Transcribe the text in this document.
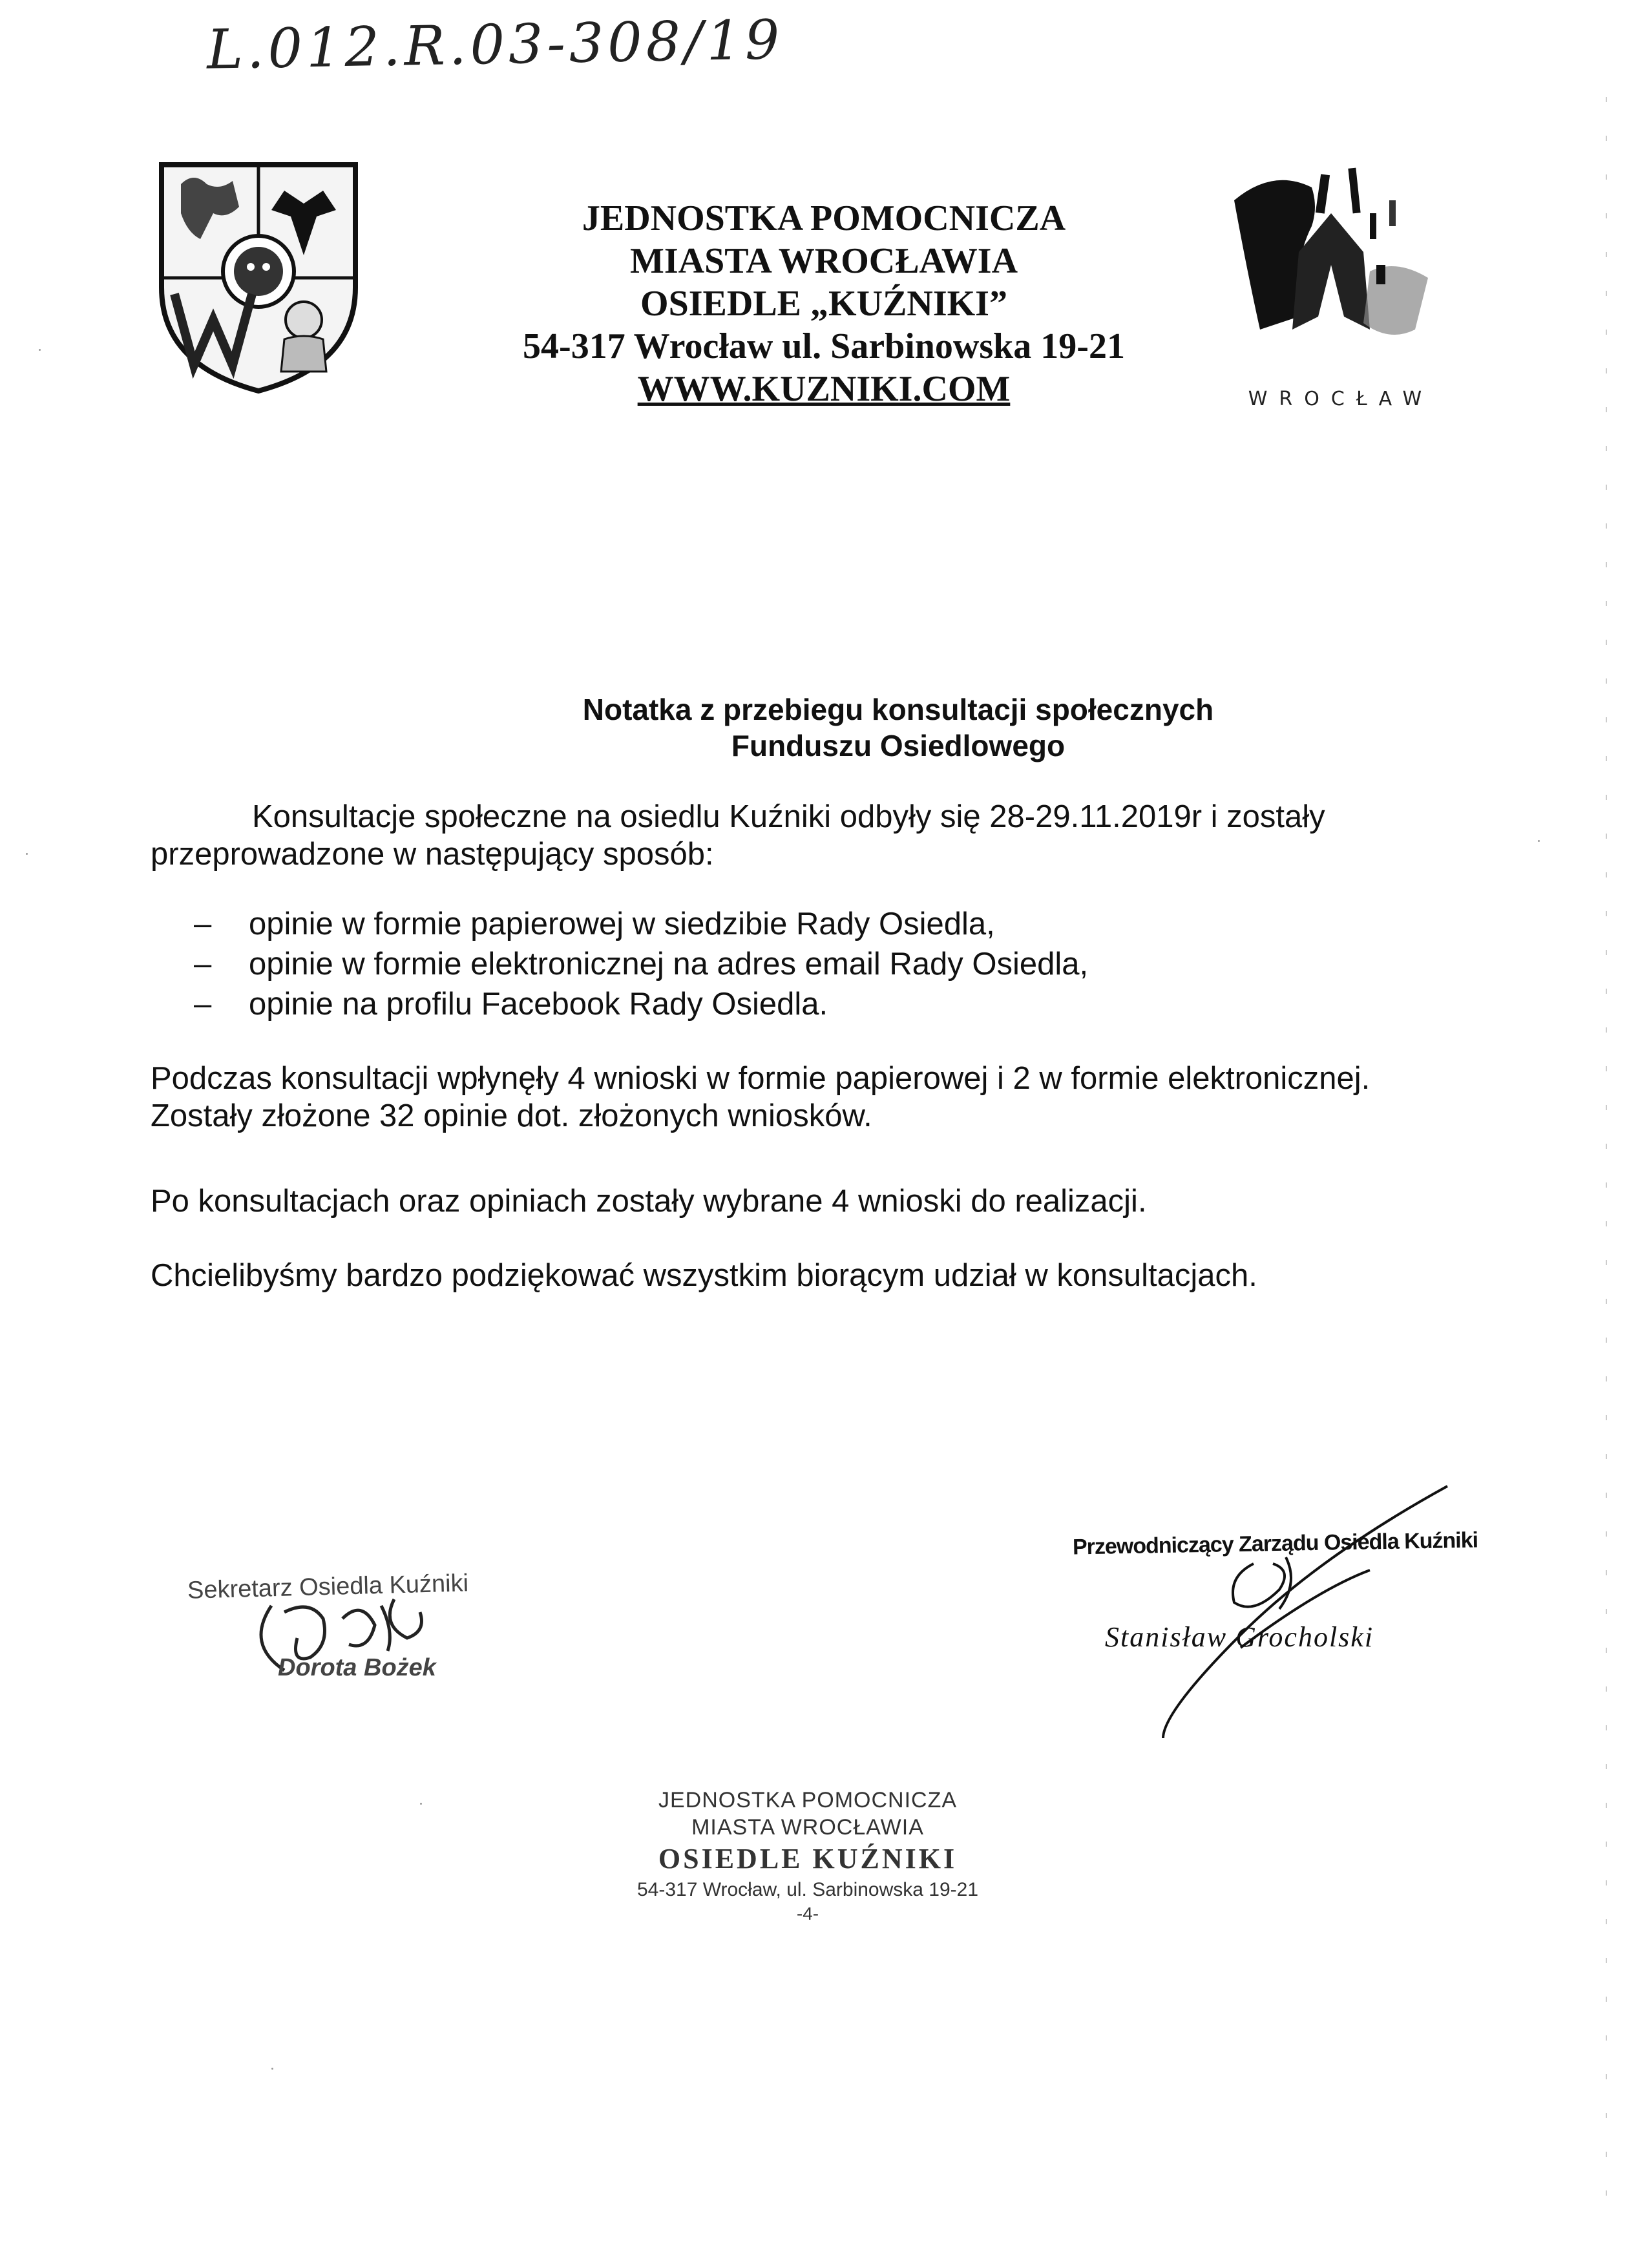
L.012.R.03-308/19
JEDNOSTKA POMOCNICZA
MIASTA WROCŁAWIA
OSIEDLE „KUŹNIKI”
54-317 Wrocław ul. Sarbinowska 19-21
WWW.KUZNIKI.COM	WROCŁAW
Notatka z przebiegu konsultacji społecznych
Funduszu Osiedlowego
Konsultacje społeczne na osiedlu Kuźniki odbyły się 28-29.11.2019r i zostały
przeprowadzone w następujący sposób:
– opinie w formie papierowej w siedzibie Rady Osiedla,
– opinie w formie elektronicznej na adres email Rady Osiedla,
– opinie na profilu Facebook Rady Osiedla.
Podczas konsultacji wpłynęły 4 wnioski w formie papierowej i 2 w formie elektronicznej.
Zostały złożone 32 opinie dot. złożonych wniosków.
Po konsultacjach oraz opiniach zostały wybrane 4 wnioski do realizacji.
Chcielibyśmy bardzo podziękować wszystkim biorącym udział w konsultacjach.
Sekretarz Osiedla Kuźniki
Dorota Bożek
Przewodniczący Zarządu Osiedla Kuźniki
Stanisław Grocholski
JEDNOSTKA POMOCNICZA
MIASTA WROCŁAWIA
OSIEDLE KUŹNIKI
54-317 Wrocław, ul. Sarbinowska 19-21
-4-
